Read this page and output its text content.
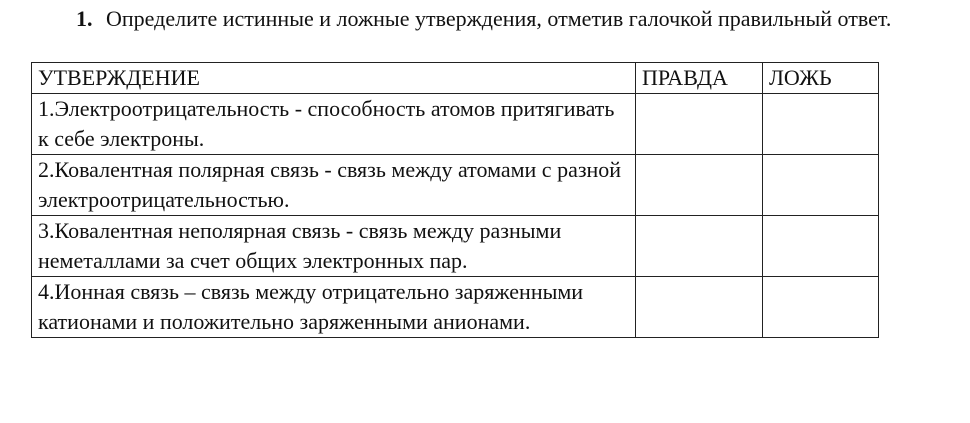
1. Определите истинные и ложные утверждения, отметив галочкой правильный ответ.
УТВЕРЖДЕНИЕ	ПРАВДА	ЛОЖЬ
1.Электроотрицательность - способность атомов притягивать к себе электроны.		
2.Ковалентная полярная связь - связь между атомами с разной электроотрицательностью.		
3.Ковалентная неполярная связь - связь между разными неметаллами за счет общих электронных пар.		
4.Ионная связь – связь между отрицательно заряженными катионами и положительно заряженными анионами.		
